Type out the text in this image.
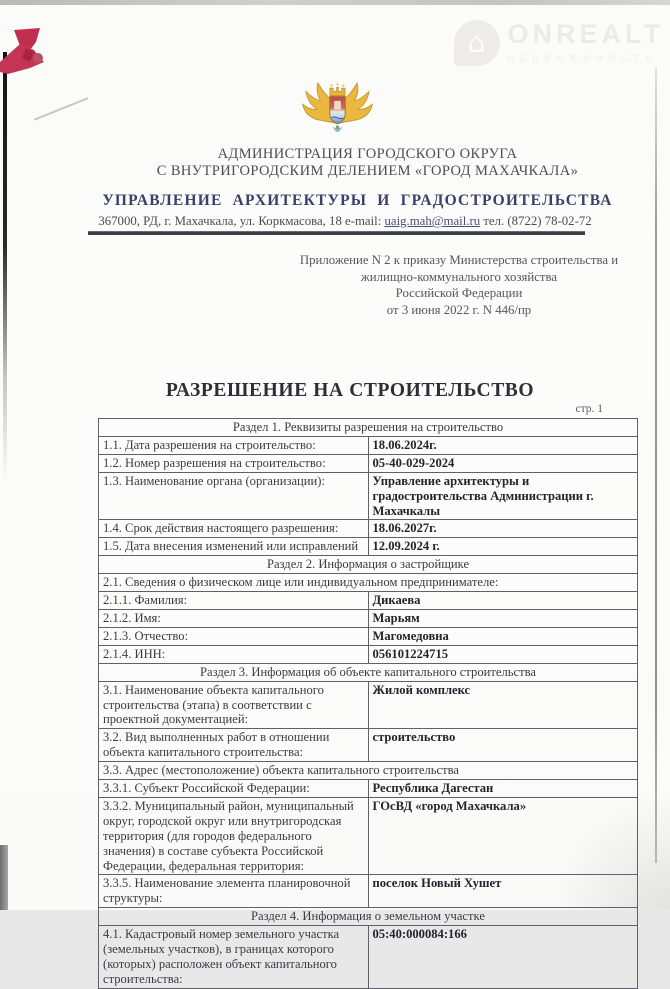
⌂ ONREALT
НЕДВИЖИМОСТЬ
АДМИНИСТРАЦИЯ ГОРОДСКОГО ОКРУГА
С ВНУТРИГОРОДСКИМ ДЕЛЕНИЕМ «ГОРОД МАХАЧКАЛА»
УПРАВЛЕНИЕ АРХИТЕКТУРЫ И ГРАДОСТРОИТЕЛЬСТВА
367000, РД, г. Махачкала, ул. Коркмасова, 18 e-mail: uaig.mah@mail.ru тел. (8722) 78-02-72
Приложение N 2 к приказу Министерства строительства и
жилищно-коммунального хозяйства
Российской Федерации
от 3 июня 2022 г. N 446/пр
РАЗРЕШЕНИЕ НА СТРОИТЕЛЬСТВО
стр. 1
Раздел 1. Реквизиты разрешения на строительство	
1.1. Дата разрешения на строительство:	18.06.2024г.
1.2. Номер разрешения на строительство:	05-40-029-2024
1.3. Наименование органа (организации):	Управление архитектуры и градостроительства Администрации г. Махачкалы
1.4. Срок действия настоящего разрешения:	18.06.2027г.
1.5. Дата внесения изменений или исправлений	12.09.2024 г.
Раздел 2. Информация о застройщике	
2.1. Сведения о физическом лице или индивидуальном предпринимателе:	
2.1.1. Фамилия:	Дикаева
2.1.2. Имя:	Марьям
2.1.3. Отчество:	Магомедовна
2.1.4. ИНН:	056101224715
Раздел 3. Информация об объекте капитального строительства	
3.1. Наименование объекта капитального строительства (этапа) в соответствии с проектной документацией:	Жилой комплекс
3.2. Вид выполненных работ в отношении объекта капитального строительства:	строительство
3.3. Адрес (местоположение) объекта капитального строительства	
3.3.1. Субъект Российской Федерации:	Республика Дагестан
3.3.2. Муниципальный район, муниципальный округ, городской округ или внутригородская территория (для городов федерального значения) в составе субъекта Российской Федерации, федеральная территория:	ГОсВД «город Махачкала»
3.3.5. Наименование элемента планировочной структуры:	поселок Новый Хушет
Раздел 4. Информация о земельном участке	
4.1. Кадастровый номер земельного участка (земельных участков), в границах которого (которых) расположен объект капитального строительства:	05:40:000084:166
